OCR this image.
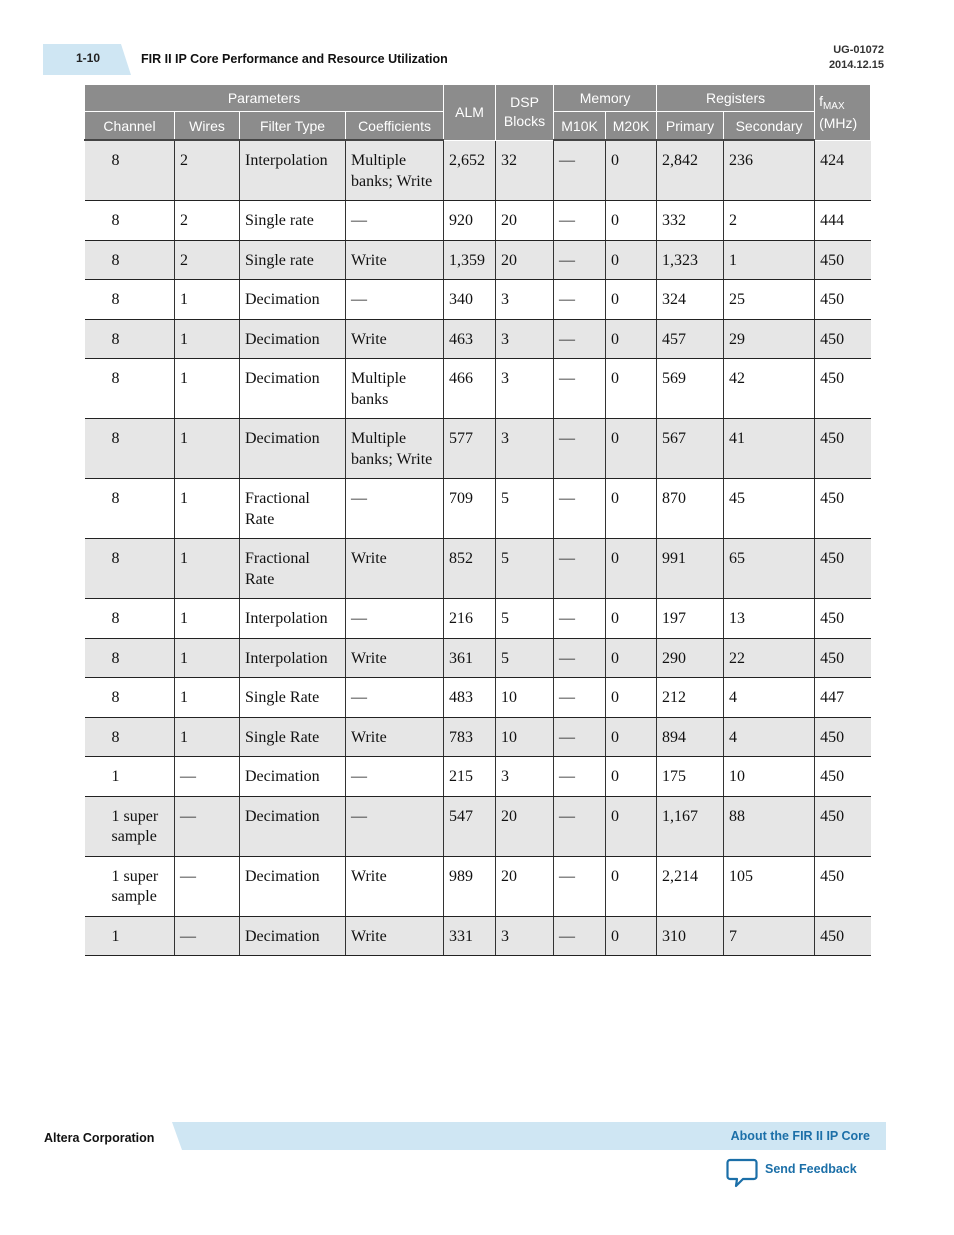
1-10	FIR II IP Core Performance and Resource Utilization
UG-01072
2014.12.15
Parameters				ALM	DSP Blocks	Memory		Registers		$f_{MAX}$
(MHz)
Channel	Wires	Filter Type	Coefficients			M10K	M20K	Primary	Secondary	
8	2	Interpolation	Multiple banks; Write	2,652	32	—	0	2,842	236	424
8	2	Single rate	—	920	20	—	0	332	2	444
8	2	Single rate	Write	1,359	20	—	0	1,323	1	450
8	1	Decimation	—	340	3	—	0	324	25	450
8	1	Decimation	Write	463	3	—	0	457	29	450
8	1	Decimation	Multiple banks	466	3	—	0	569	42	450
8	1	Decimation	Multiple banks; Write	577	3	—	0	567	41	450
8	1	Fractional Rate	—	709	5	—	0	870	45	450
8	1	Fractional Rate	Write	852	5	—	0	991	65	450
8	1	Interpolation	—	216	5	—	0	197	13	450
8	1	Interpolation	Write	361	5	—	0	290	22	450
8	1	Single Rate	—	483	10	—	0	212	4	447
8	1	Single Rate	Write	783	10	—	0	894	4	450
1	—	Decimation	—	215	3	—	0	175	10	450
1 super sample	—	Decimation	—	547	20	—	0	1,167	88	450
1 super sample	—	Decimation	Write	989	20	—	0	2,214	105	450
1	—	Decimation	Write	331	3	—	0	310	7	450
Altera Corporation	About the FIR II IP Core
Send Feedback
